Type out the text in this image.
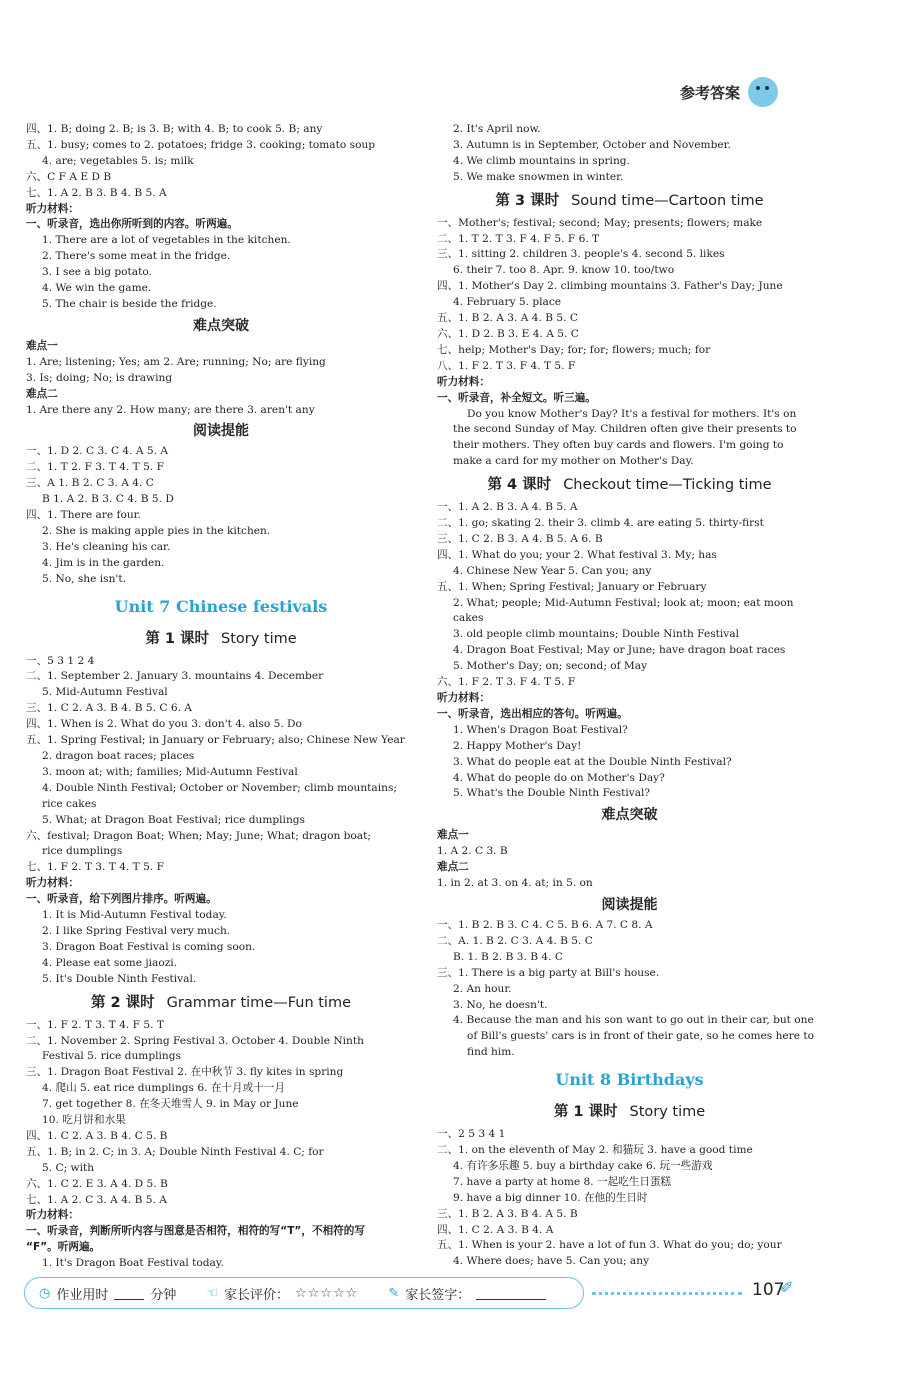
参考答案
四、1. B; doing 2. B; is 3. B; with 4. B; to cook 5. B; any
五、1. busy; comes to 2. potatoes; fridge 3. cooking; tomato soup
4. are; vegetables 5. is; milk
六、C F A E D B
七、1. A 2. B 3. B 4. B 5. A
听力材料：
一、听录音，选出你所听到的内容。听两遍。
1. There are a lot of vegetables in the kitchen.
2. There's some meat in the fridge.
3. I see a big potato.
4. We win the game.
5. The chair is beside the fridge.
难点突破
难点一
1. Are; listening; Yes; am 2. Are; running; No; are flying
3. Is; doing; No; is drawing
难点二
1. Are there any 2. How many; are there 3. aren't any
阅读提能
一、1. D 2. C 3. C 4. A 5. A
二、1. T 2. F 3. T 4. T 5. F
三、A 1. B 2. C 3. A 4. C
B 1. A 2. B 3. C 4. B 5. D
四、1. There are four.
2. She is making apple pies in the kitchen.
3. He's cleaning his car.
4. Jim is in the garden.
5. No, she isn't.
Unit 7 Chinese festivals
第 1 课时 Story time
一、5 3 1 2 4
二、1. September 2. January 3. mountains 4. December
5. Mid-Autumn Festival
三、1. C 2. A 3. B 4. B 5. C 6. A
四、1. When is 2. What do you 3. don't 4. also 5. Do
五、1. Spring Festival; in January or February; also; Chinese New Year
2. dragon boat races; places
3. moon at; with; families; Mid-Autumn Festival
4. Double Ninth Festival; October or November; climb mountains;
rice cakes
5. What; at Dragon Boat Festival; rice dumplings
六、festival; Dragon Boat; When; May; June; What; dragon boat;
rice dumplings
七、1. F 2. T 3. T 4. T 5. F
听力材料：
一、听录音，给下列图片排序。听两遍。
1. It is Mid-Autumn Festival today.
2. I like Spring Festival very much.
3. Dragon Boat Festival is coming soon.
4. Please eat some jiaozi.
5. It's Double Ninth Festival.
第 2 课时 Grammar time—Fun time
一、1. F 2. T 3. T 4. F 5. T
二、1. November 2. Spring Festival 3. October 4. Double Ninth
Festival 5. rice dumplings
三、1. Dragon Boat Festival 2. 在中秋节 3. fly kites in spring
4. 爬山 5. eat rice dumplings 6. 在十月或十一月
7. get together 8. 在冬天堆雪人 9. in May or June
10. 吃月饼和水果
四、1. C 2. A 3. B 4. C 5. B
五、1. B; in 2. C; in 3. A; Double Ninth Festival 4. C; for
5. C; with
六、1. C 2. E 3. A 4. D 5. B
七、1. A 2. C 3. A 4. B 5. A
听力材料：
一、听录音，判断所听内容与图意是否相符，相符的写“T”，不相符的写
“F”。听两遍。
1. It's Dragon Boat Festival today.
2. It's April now.
3. Autumn is in September, October and November.
4. We climb mountains in spring.
5. We make snowmen in winter.
第 3 课时 Sound time—Cartoon time
一、Mother's; festival; second; May; presents; flowers; make
二、1. T 2. T 3. F 4. F 5. F 6. T
三、1. sitting 2. children 3. people's 4. second 5. likes
6. their 7. too 8. Apr. 9. know 10. too/two
四、1. Mother's Day 2. climbing mountains 3. Father's Day; June
4. February 5. place
五、1. B 2. A 3. A 4. B 5. C
六、1. D 2. B 3. E 4. A 5. C
七、help; Mother's Day; for; for; flowers; much; for
八、1. F 2. T 3. F 4. T 5. F
听力材料：
一、听录音，补全短文。听三遍。
Do you know Mother's Day? It's a festival for mothers. It's on
the second Sunday of May. Children often give their presents to
their mothers. They often buy cards and flowers. I'm going to
make a card for my mother on Mother's Day.
第 4 课时 Checkout time—Ticking time
一、1. A 2. B 3. A 4. B 5. A
二、1. go; skating 2. their 3. climb 4. are eating 5. thirty-first
三、1. C 2. B 3. A 4. B 5. A 6. B
四、1. What do you; your 2. What festival 3. My; has
4. Chinese New Year 5. Can you; any
五、1. When; Spring Festival; January or February
2. What; people; Mid-Autumn Festival; look at; moon; eat moon
cakes
3. old people climb mountains; Double Ninth Festival
4. Dragon Boat Festival; May or June; have dragon boat races
5. Mother's Day; on; second; of May
六、1. F 2. T 3. F 4. T 5. F
听力材料：
一、听录音，选出相应的答句。听两遍。
1. When's Dragon Boat Festival?
2. Happy Mother's Day!
3. What do people eat at the Double Ninth Festival?
4. What do people do on Mother's Day?
5. What's the Double Ninth Festival?
难点突破
难点一
1. A 2. C 3. B
难点二
1. in 2. at 3. on 4. at; in 5. on
阅读提能
一、1. B 2. B 3. C 4. C 5. B 6. A 7. C 8. A
二、A. 1. B 2. C 3. A 4. B 5. C
B. 1. B 2. B 3. B 4. C
三、1. There is a big party at Bill's house.
2. An hour.
3. No, he doesn't.
4. Because the man and his son want to go out in their car, but one
of Bill's guests' cars is in front of their gate, so he comes here to
find him.
Unit 8 Birthdays
第 1 课时 Story time
一、2 5 3 4 1
二、1. on the eleventh of May 2. 和猫玩 3. have a good time
4. 有许多乐趣 5. buy a birthday cake 6. 玩一些游戏
7. have a party at home 8. 一起吃生日蛋糕
9. have a big dinner 10. 在他的生日时
三、1. B 2. A 3. B 4. A 5. B
四、1. C 2. A 3. B 4. A
五、1. When is your 2. have a lot of fun 3. What do you; do; your
4. Where does; have 5. Can you; any
◷ 作业用时	分钟 ☜ 家长评价： ☆☆☆☆☆ ✎ 家长签字：	107
✐
